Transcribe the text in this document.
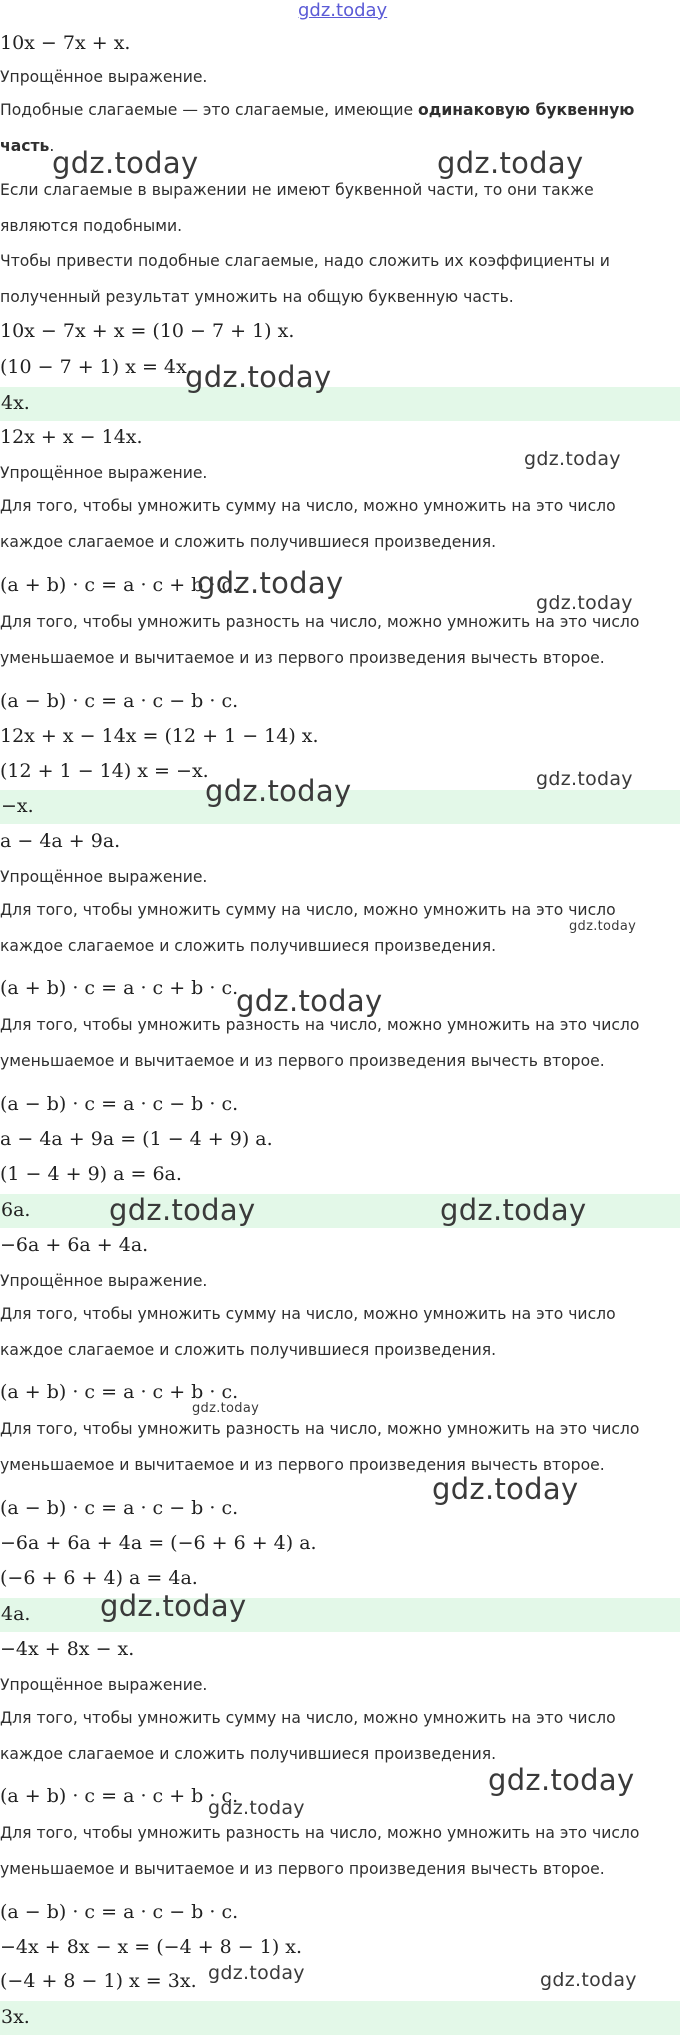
gdz.today
10x − 7x + x.
Упрощённое выражение.
Подобные слагаемые — это слагаемые, имеющие одинаковую буквенную
часть.
Если слагаемые в выражении не имеют буквенной части, то они также
являются подобными.
Чтобы привести подобные слагаемые, надо сложить их коэффициенты и
полученный результат умножить на общую буквенную часть.
10x − 7x + x = (10 − 7 + 1) x.
(10 − 7 + 1) x = 4x.
4x.
12x + x − 14x.
Упрощённое выражение.
Для того, чтобы умножить сумму на число, можно умножить на это число
каждое слагаемое и сложить получившиеся произведения.
(a + b) · c = a · c + b · c.
Для того, чтобы умножить разность на число, можно умножить на это число
уменьшаемое и вычитаемое и из первого произведения вычесть второе.
(a − b) · c = a · c − b · c.
12x + x − 14x = (12 + 1 − 14) x.
(12 + 1 − 14) x = −x.
−x.
a − 4a + 9a.
Упрощённое выражение.
Для того, чтобы умножить сумму на число, можно умножить на это число
каждое слагаемое и сложить получившиеся произведения.
(a + b) · c = a · c + b · c.
Для того, чтобы умножить разность на число, можно умножить на это число
уменьшаемое и вычитаемое и из первого произведения вычесть второе.
(a − b) · c = a · c − b · c.
a − 4a + 9a = (1 − 4 + 9) a.
(1 − 4 + 9) a = 6a.
6a.
−6a + 6a + 4a.
Упрощённое выражение.
Для того, чтобы умножить сумму на число, можно умножить на это число
каждое слагаемое и сложить получившиеся произведения.
(a + b) · c = a · c + b · c.
Для того, чтобы умножить разность на число, можно умножить на это число
уменьшаемое и вычитаемое и из первого произведения вычесть второе.
(a − b) · c = a · c − b · c.
−6a + 6a + 4a = (−6 + 6 + 4) a.
(−6 + 6 + 4) a = 4a.
4a.
−4x + 8x − x.
Упрощённое выражение.
Для того, чтобы умножить сумму на число, можно умножить на это число
каждое слагаемое и сложить получившиеся произведения.
(a + b) · c = a · c + b · c.
Для того, чтобы умножить разность на число, можно умножить на это число
уменьшаемое и вычитаемое и из первого произведения вычесть второе.
(a − b) · c = a · c − b · c.
−4x + 8x − x = (−4 + 8 − 1) x.
(−4 + 8 − 1) x = 3x.
3x.
gdz.today	gdz.today
gdz.today
gdz.today
gdz.today
gdz.today
gdz.today	gdz.today
gdz.today
gdz.today
gdz.today	gdz.today
gdz.today
gdz.today
gdz.today
gdz.today
gdz.today
gdz.today	gdz.today
